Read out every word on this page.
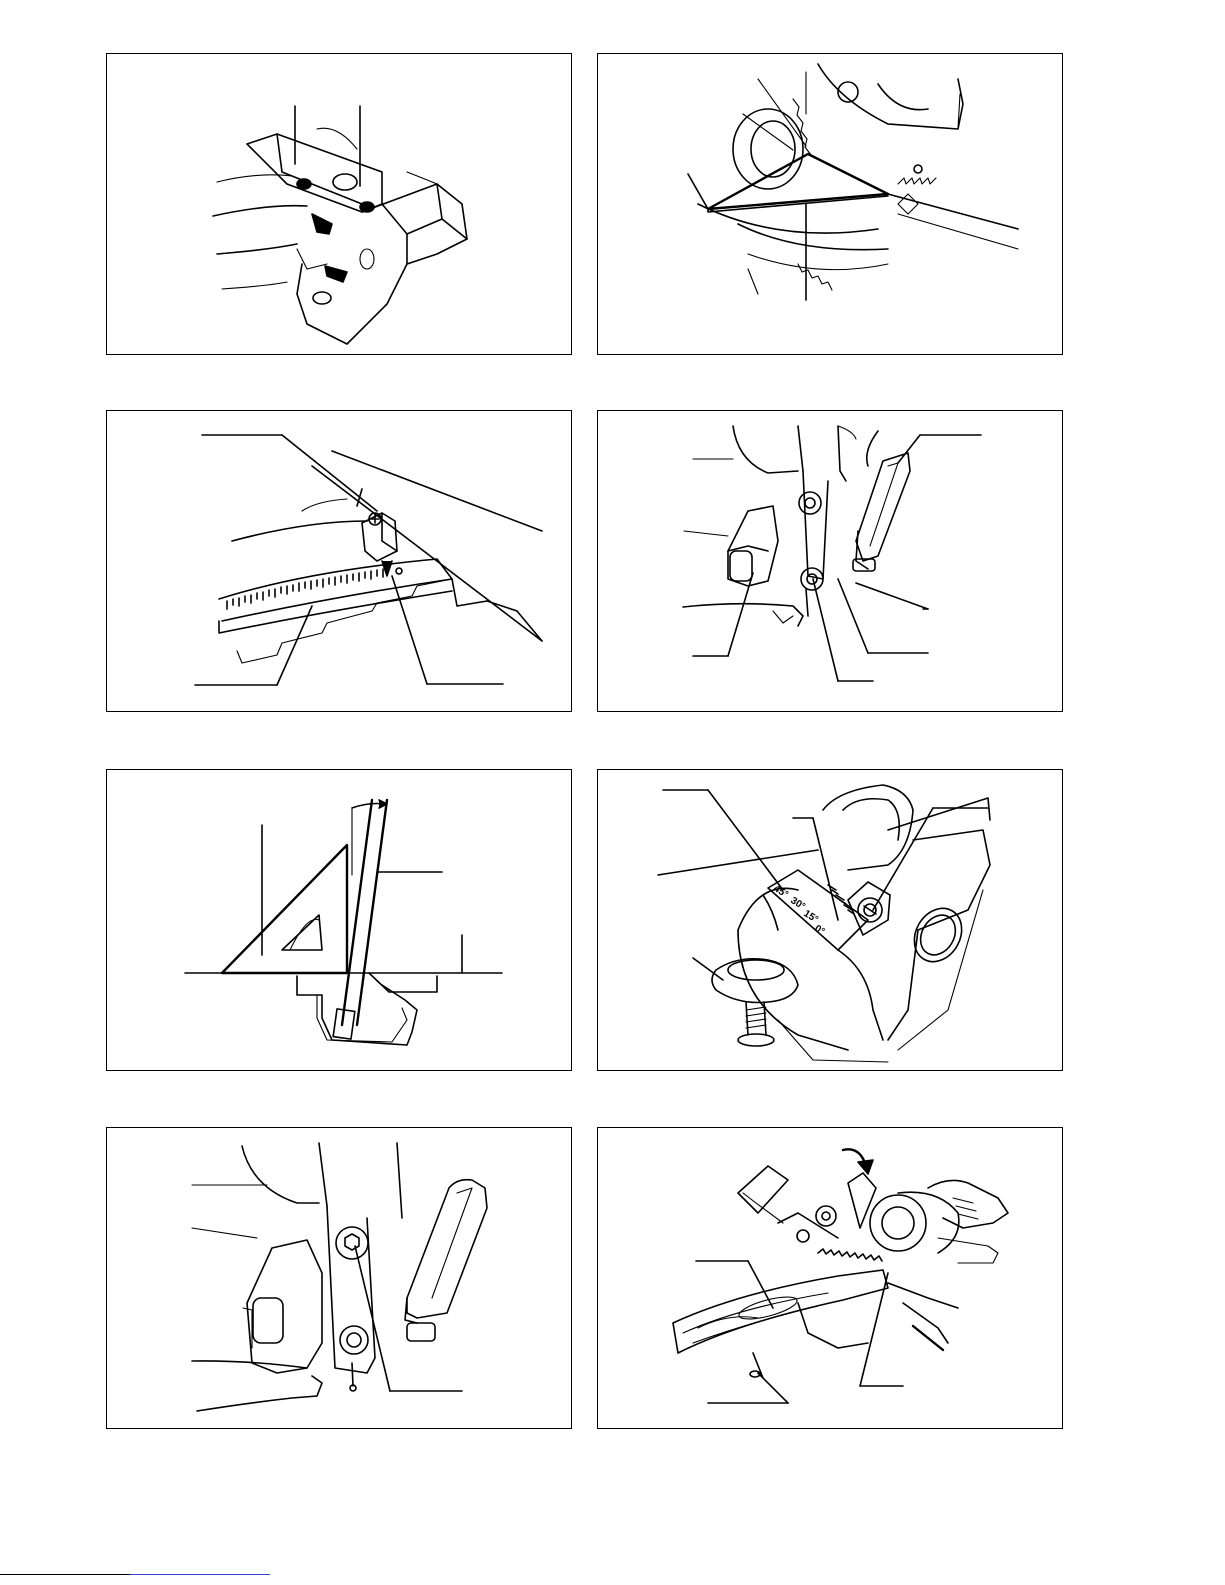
45°
30°
15°
0°
